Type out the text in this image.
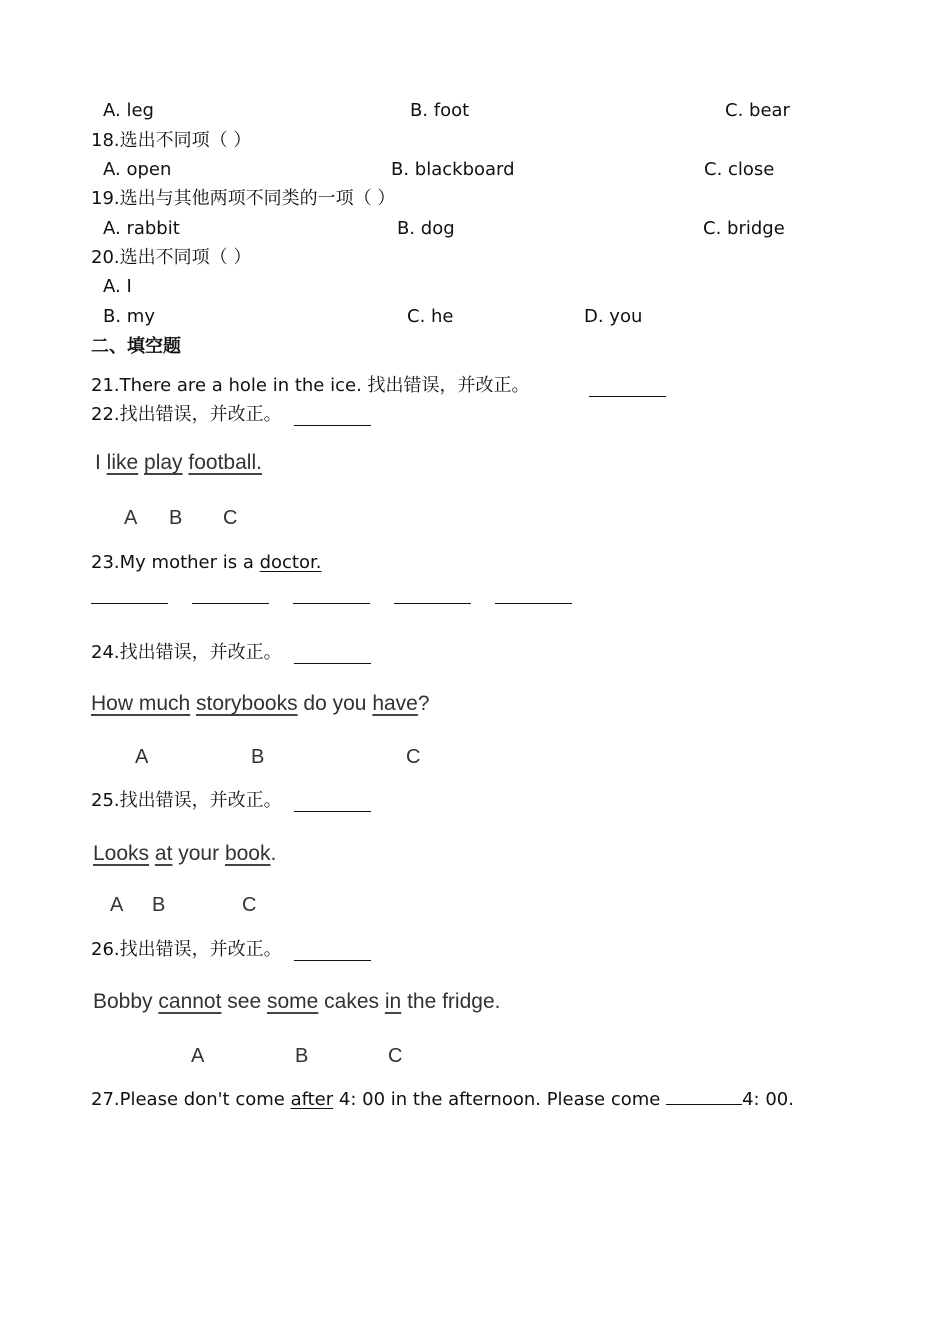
A. leg	B. foot	C. bear
18.选出不同项（ ）
A. open	B. blackboard	C. close
19.选出与其他两项不同类的一项（ ）
A. rabbit	B. dog	C. bridge
20.选出不同项（ ）
A. I
B. my	C. he	D. you
二、填空题
21.There are a hole in the ice. 找出错误，并改正。
22.找出错误，并改正。
I like play football.
A B C
23.My mother is a doctor.
24.找出错误，并改正。
How much storybooks do you have?
A	B	C
25.找出错误，并改正。
Looks at your book.
A B	C
26.找出错误，并改正。
Bobby cannot see some cakes in the fridge.
A	B	C
27.Please don't come after 4: 00 in the afternoon. Please come	4: 00.
